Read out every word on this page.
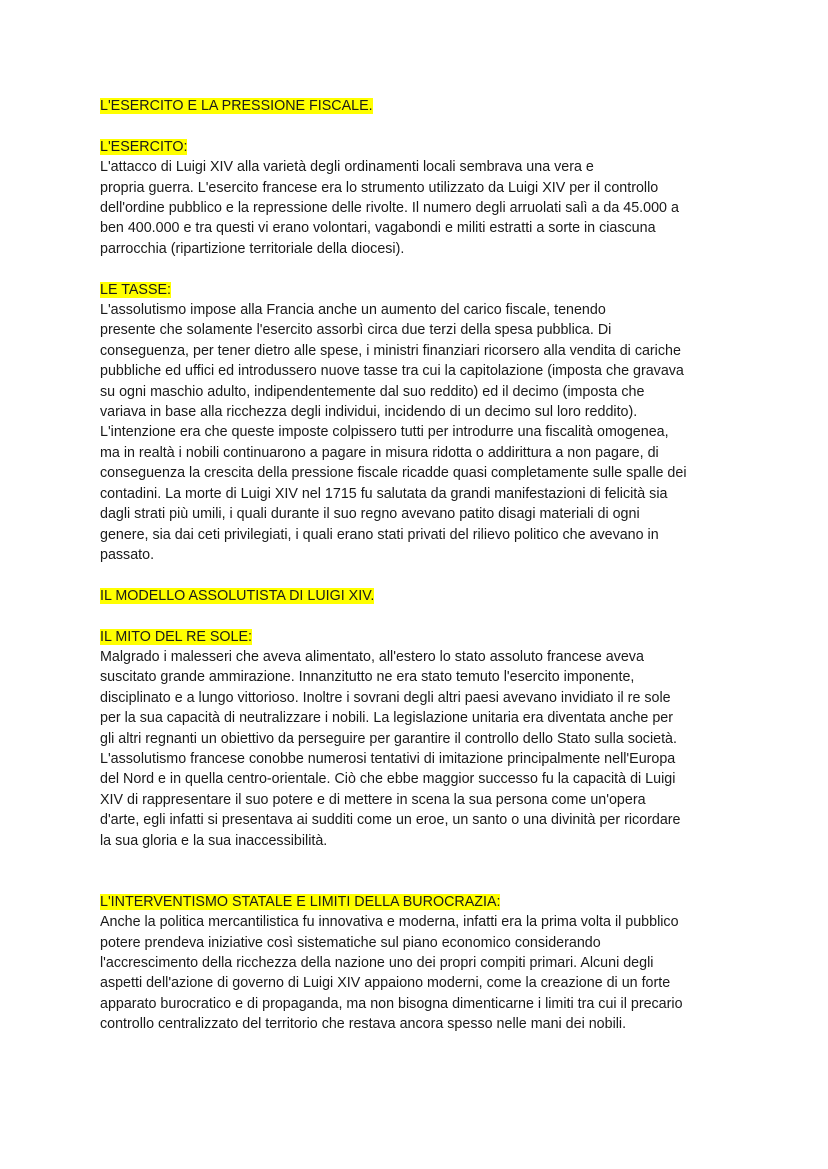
L'ESERCITO E LA PRESSIONE FISCALE.

L'ESERCITO:

L'attacco di Luigi XIV alla varietà degli ordinamenti locali sembrava una vera e
propria guerra. L'esercito francese era lo strumento utilizzato da Luigi XIV per il controllo
dell'ordine pubblico e la repressione delle rivolte. Il numero degli arruolati salì a da 45.000 a
ben 400.000 e tra questi vi erano volontari, vagabondi e militi estratti a sorte in ciascuna
parrocchia (ripartizione territoriale della diocesi).

LE TASSE:

L'assolutismo impose alla Francia anche un aumento del carico fiscale, tenendo
presente che solamente l'esercito assorbì circa due terzi della spesa pubblica. Di
conseguenza, per tener dietro alle spese, i ministri finanziari ricorsero alla vendita di cariche
pubbliche ed uffici ed introdussero nuove tasse tra cui la capitolazione (imposta che gravava
su ogni maschio adulto, indipendentemente dal suo reddito) ed il decimo (imposta che
variava in base alla ricchezza degli individui, incidendo di un decimo sul loro reddito).
L'intenzione era che queste imposte colpissero tutti per introdurre una fiscalità omogenea,
ma in realtà i nobili continuarono a pagare in misura ridotta o addirittura a non pagare, di
conseguenza la crescita della pressione fiscale ricadde quasi completamente sulle spalle dei
contadini. La morte di Luigi XIV nel 1715 fu salutata da grandi manifestazioni di felicità sia
dagli strati più umili, i quali durante il suo regno avevano patito disagi materiali di ogni
genere, sia dai ceti privilegiati, i quali erano stati privati del rilievo politico che avevano in
passato.

IL MODELLO ASSOLUTISTA DI LUIGI XIV.

IL MITO DEL RE SOLE:

Malgrado i malesseri che aveva alimentato, all'estero lo stato assoluto francese aveva
suscitato grande ammirazione. Innanzitutto ne era stato temuto l'esercito imponente,
disciplinato e a lungo vittorioso. Inoltre i sovrani degli altri paesi avevano invidiato il re sole
per la sua capacità di neutralizzare i nobili. La legislazione unitaria era diventata anche per
gli altri regnanti un obiettivo da perseguire per garantire il controllo dello Stato sulla società.
L'assolutismo francese conobbe numerosi tentativi di imitazione principalmente nell'Europa
del Nord e in quella centro-orientale. Ciò che ebbe maggior successo fu la capacità di Luigi
XIV di rappresentare il suo potere e di mettere in scena la sua persona come un'opera
d'arte, egli infatti si presentava ai sudditi come un eroe, un santo o una divinità per ricordare
la sua gloria e la sua inaccessibilità.

L'INTERVENTISMO STATALE E LIMITI DELLA BUROCRAZIA:

Anche la politica mercantilistica fu innovativa e moderna, infatti era la prima volta il pubblico
potere prendeva iniziative così sistematiche sul piano economico considerando
l'accrescimento della ricchezza della nazione uno dei propri compiti primari. Alcuni degli
aspetti dell'azione di governo di Luigi XIV appaiono moderni, come la creazione di un forte
apparato burocratico e di propaganda, ma non bisogna dimenticarne i limiti tra cui il precario
controllo centralizzato del territorio che restava ancora spesso nelle mani dei nobili.
